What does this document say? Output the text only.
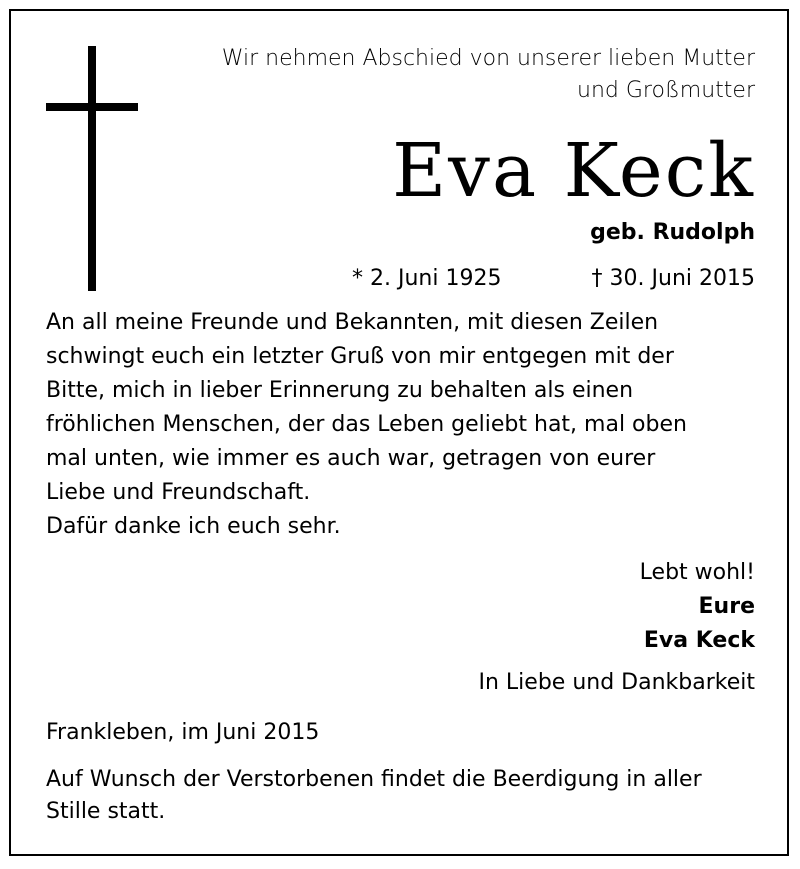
Wir nehmen Abschied von unserer lieben Mutter
und Großmutter
Eva Keck
geb. Rudolph
* 2. Juni 1925	† 30. Juni 2015

An all meine Freunde und Bekannten, mit diesen Zeilen

schwingt euch ein letzter Gruß von mir entgegen mit der

Bitte, mich in lieber Erinnerung zu behalten als einen

fröhlichen Menschen, der das Leben geliebt hat, mal oben

mal unten, wie immer es auch war, getragen von eurer

Liebe und Freundschaft.

Dafür danke ich euch sehr.

Lebt wohl!
Eure
Eva Keck
In Liebe und Dankbarkeit
Frankleben, im Juni 2015
Auf Wunsch der Verstorbenen findet die Beerdigung in aller
Stille statt.
